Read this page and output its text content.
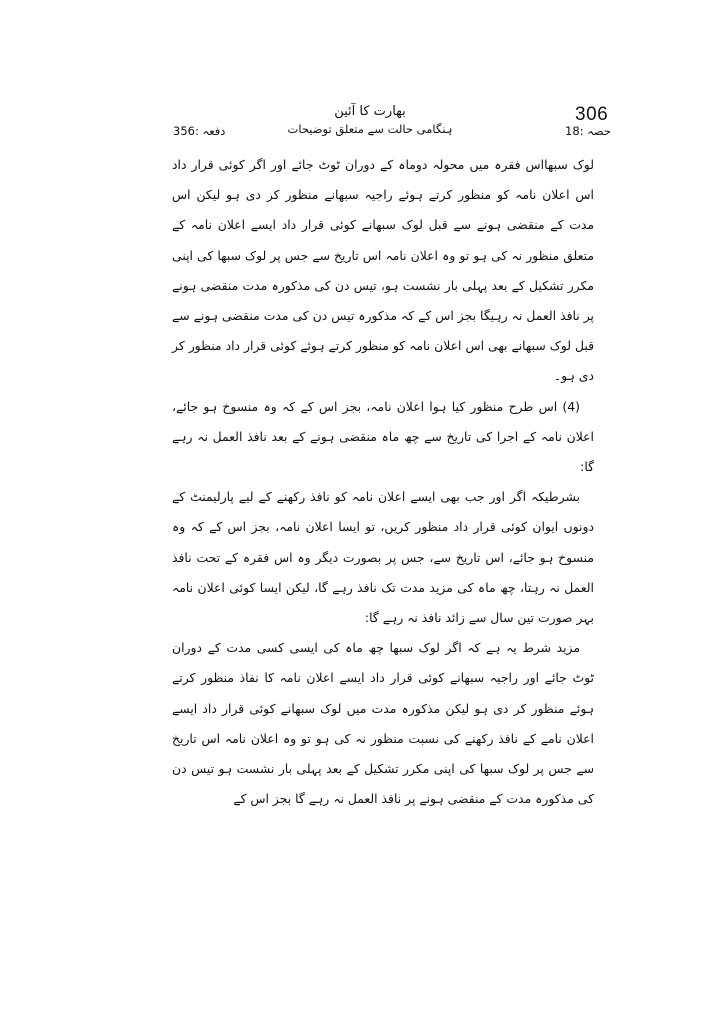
306
بھارت کا آئین
ہنگامی حالت سے متعلق توضیحات	حصہ :18
دفعہ :356

لوک سبھااس فقرہ میں محولہ دوماہ کے دوران ٹوٹ جائے اور اگر کوئی قرار داد اس اعلان نامہ کو منظور کرتے ہوئے راجیہ سبھانے منظور کر دی ہو لیکن اس مدت کے منقضی ہونے سے قبل لوک سبھانے کوئی قرار داد ایسے اعلان نامہ کے متعلق منظور نہ کی ہو تو وہ اعلان نامہ اس تاریخ سے جس پر لوک سبھا کی اپنی مکرر تشکیل کے بعد پہلی بار نشست ہو، تیس دن کی مذکورہ مدت منقضی ہونے پر نافذ العمل نہ رہیگا بجز اس کے کہ مذکورہ تیس دن کی مدت منقضی ہونے سے قبل لوک سبھانے بھی اس اعلان نامہ کو منظور کرتے ہوئے کوئی قرار داد منظور کر دی ہو۔

(4) اس طرح منظور کیا ہوا اعلان نامہ، بجز اس کے کہ وہ منسوخ ہو جائے، اعلان نامہ کے اجرا کی تاریخ سے چھ ماہ منقضی ہونے کے بعد نافذ العمل نہ رہے گا:

بشرطیکہ اگر اور جب بھی ایسے اعلان نامہ کو نافذ رکھنے کے لیے پارلیمنٹ کے دونوں ایوان کوئی قرار داد منظور کریں، تو ایسا اعلان نامہ، بجز اس کے کہ وہ منسوخ ہو جائے، اس تاریخ سے، جس پر بصورت دیگر وہ اس فقرہ کے تحت نافذ العمل نہ رہتا، چھ ماہ کی مزید مدت تک نافذ رہے گا، لیکن ایسا کوئی اعلان نامہ بہر صورت تین سال سے زائد نافذ نہ رہے گا:

مزید شرط یہ ہے کہ اگر لوک سبھا چھ ماہ کی ایسی کسی مدت کے دوران ٹوٹ جائے اور راجیہ سبھانے کوئی قرار داد ایسے اعلان نامہ کا نفاذ منظور کرتے ہوئے منظور کر دی ہو لیکن مذکورہ مدت میں لوک سبھانے کوئی قرار داد ایسے اعلان نامے کے نافذ رکھنے کی نسبت منظور نہ کی ہو تو وہ اعلان نامہ اس تاریخ سے جس پر لوک سبھا کی اپنی مکرر تشکیل کے بعد پہلی بار نشست ہو تیس دن کی مذکورہ مدت کے منقضی ہونے پر نافذ العمل نہ رہے گا بجز اس کے
